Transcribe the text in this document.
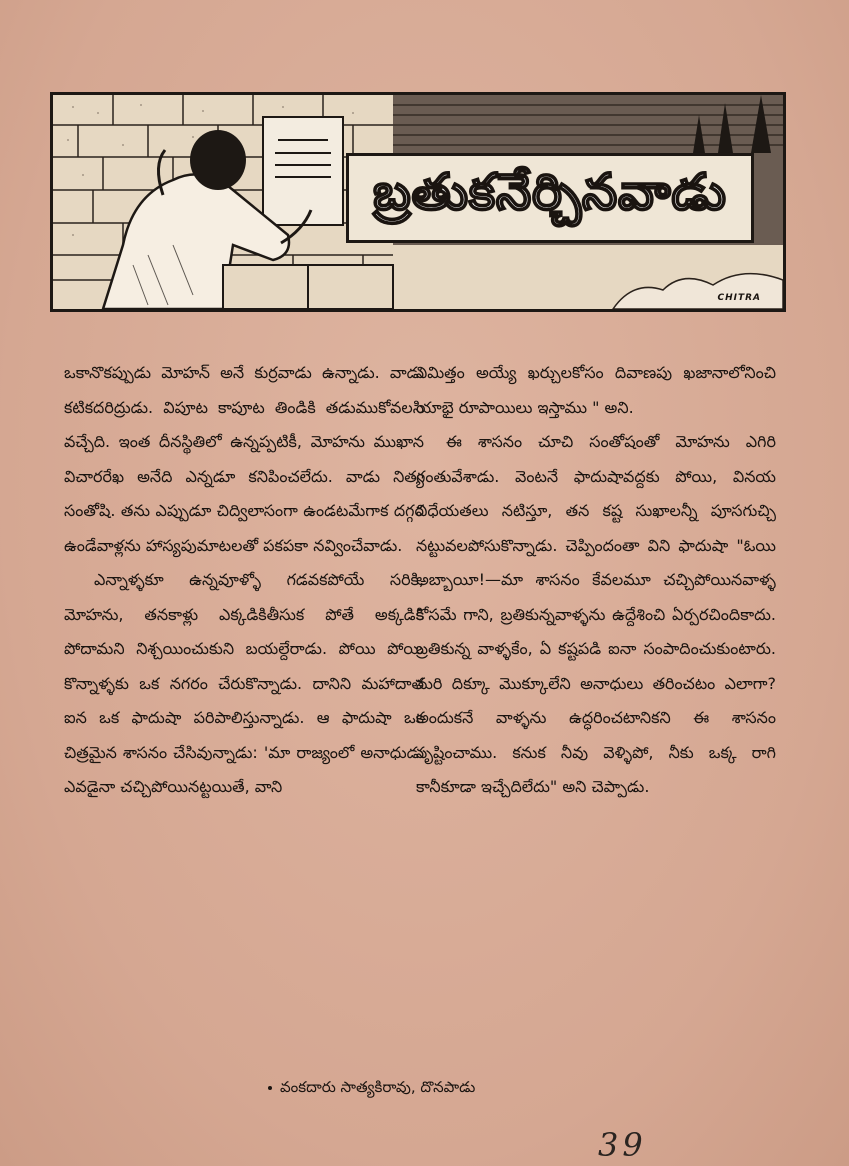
బ్రతుకనేర్చినవాడు
CHITRA

ఒకానొకప్పుడు మోహన్ అనే కుర్రవాడు ఉన్నాడు. వాడు కటికదరిద్రుడు. విపూట కాపూట తిండికి తడుముకోవలసి వచ్చేది. ఇంత దీనస్థితిలో ఉన్నప్పటికీ, మోహను ముఖాన విచారరేఖ అనేది ఎన్నడూ కనిపించలేదు. వాడు నిత్య సంతోషి. తను ఎప్పుడూ చిద్విలాసంగా ఉండటమేగాక దగ్గర ఉండేవాళ్లను హాస్యపుమాటలతో పకపకా నవ్వించేవాడు.

ఎన్నాళ్ళకూ ఉన్నవూళ్ళో గడవకపోయే సరికి, మోహను, తనకాళ్లు ఎక్కడికితీసుక పోతే అక్కడికి పోదామని నిశ్చయించుకుని బయల్దేరాడు. పోయి పోయి కొన్నాళ్ళకు ఒక నగరం చేరుకొన్నాడు. దానిని మహాదాత ఐన ఒక ఫాదుషా పరిపాలిస్తున్నాడు. ఆ ఫాదుషా ఒక చిత్రమైన శాసనం చేసివున్నాడు: 'మా రాజ్యంలో అనాధుడు ఎవడైనా చచ్చిపోయినట్టయితే, వాని

నిమిత్తం అయ్యే ఖర్చులకోసం దివాణపు ఖజానాలోనించి యాభై రూపాయిలు ఇస్తాము " అని.

ఈ శాసనం చూచి సంతోషంతో మోహను ఎగిరి గంతువేశాడు. వెంటనే ఫాదుషావద్దకు పోయి, వినయ విధేయతలు నటిస్తూ, తన కష్ట సుఖాలన్నీ పూసగుచ్చి నట్టువలపోసుకొన్నాడు. చెప్పిందంతా విని ఫాదుషా "ఓయి అబ్బాయీ!—మా శాసనం కేవలమూ చచ్చిపోయినవాళ్ళ కోసమే గాని, బ్రతికున్నవాళ్ళను ఉద్దేశించి ఏర్పరచిందికాదు. బ్రతికున్న వాళ్ళకేం, ఏ కష్టపడి ఐనా సంపాదించుకుంటారు. మరి దిక్కూ మొక్కూలేని అనాధులు తరించటం ఎలాగా? అందుకనే వాళ్ళను ఉద్ధరించటానికని ఈ శాసనం సృష్టించాము. కనుక నీవు వెళ్ళిపో, నీకు ఒక్క రాగి కానీకూడా ఇచ్చేదిలేదు" అని చెప్పాడు.

వంకదారు సాత్యకిరావు, దొనపాడు
39
